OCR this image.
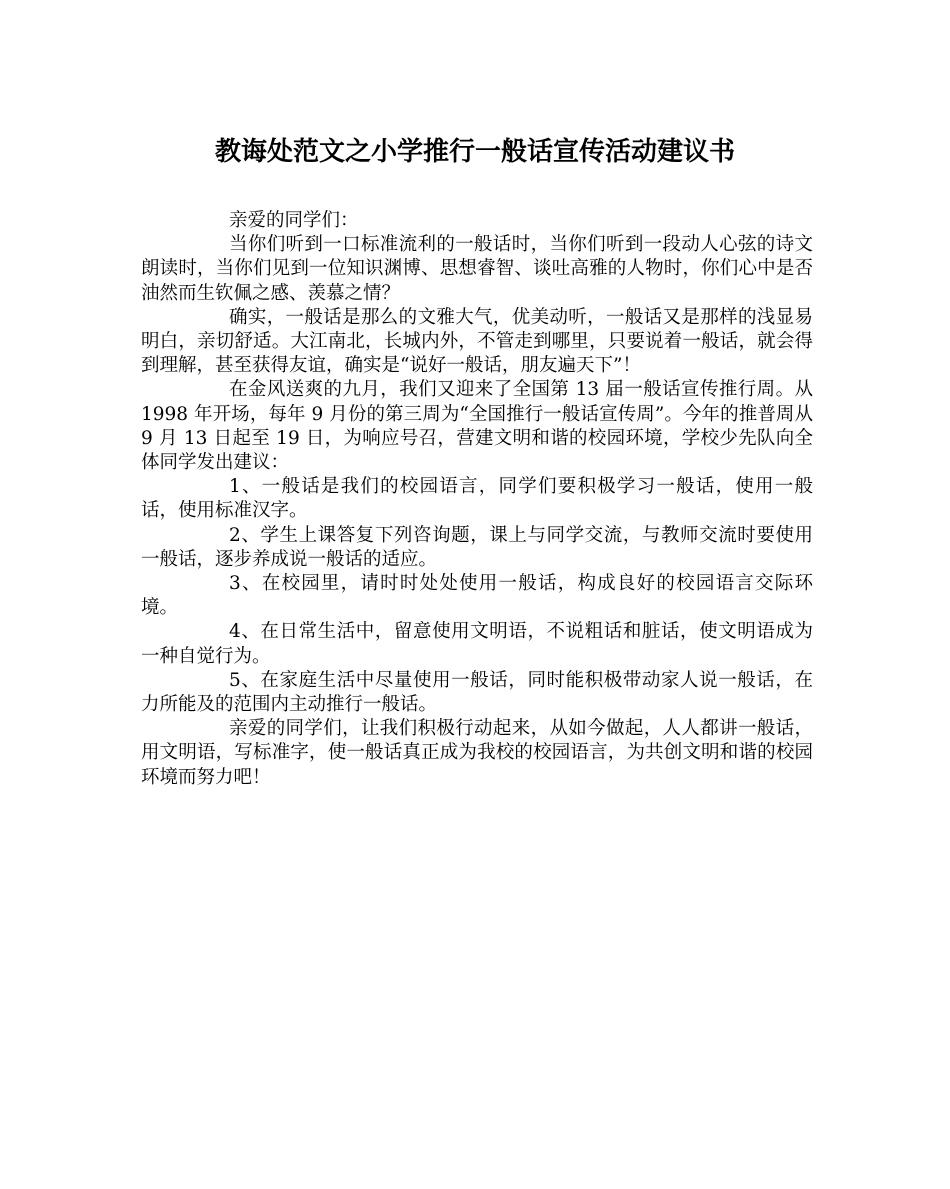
教诲处范文之小学推行一般话宣传活动建议书

亲爱的同学们：

当你们听到一口标准流利的一般话时，当你们听到一段动人心弦的诗文朗读时，当你们见到一位知识渊博、思想睿智、谈吐高雅的人物时，你们心中是否油然而生钦佩之感、羡慕之情？

确实，一般话是那么的文雅大气，优美动听，一般话又是那样的浅显易明白，亲切舒适。大江南北，长城内外，不管走到哪里，只要说着一般话，就会得到理解，甚至获得友谊，确实是“说好一般话，朋友遍天下”！

在金风送爽的九月，我们又迎来了全国第 13 届一般话宣传推行周。从 1998 年开场，每年 9 月份的第三周为“全国推行一般话宣传周”。今年的推普周从 9 月 13 日起至 19 日，为响应号召，营建文明和谐的校园环境，学校少先队向全体同学发出建议：

1、一般话是我们的校园语言，同学们要积极学习一般话，使用一般话，使用标准汉字。

2、学生上课答复下列咨询题，课上与同学交流，与教师交流时要使用一般话，逐步养成说一般话的适应。

3、在校园里，请时时处处使用一般话，构成良好的校园语言交际环境。

4、在日常生活中，留意使用文明语，不说粗话和脏话，使文明语成为一种自觉行为。

5、在家庭生活中尽量使用一般话，同时能积极带动家人说一般话，在力所能及的范围内主动推行一般话。

亲爱的同学们，让我们积极行动起来，从如今做起，人人都讲一般话，用文明语，写标准字，使一般话真正成为我校的校园语言，为共创文明和谐的校园环境而努力吧！
